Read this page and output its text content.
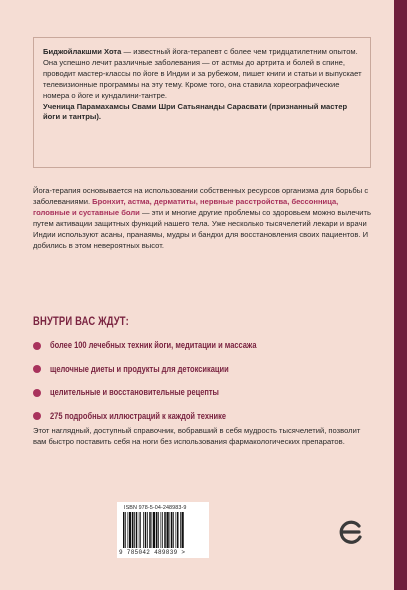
Биджойлакшми Хота — известный йога-терапевт с более чем тридцатилетним опытом. Она успешно лечит различные заболевания — от астмы до артрита и болей в спине, проводит мастер-классы по йоге в Индии и за рубежом, пишет книги и статьи и выпускает телевизионные программы на эту тему. Кроме того, она ставила хореографические номера о йоге и кундалини-тантре.
Ученица Парамахамсы Свами Шри Сатьянанды Сарасвати (признанный мастер йоги и тантры).
Йога-терапия основывается на использовании собственных ресурсов организма для борьбы с заболеваниями. Бронхит, астма, дерматиты, нервные расстройства, бессонница, головные и суставные боли — эти и многие другие проблемы со здоровьем можно вылечить путем активации защитных функций нашего тела. Уже несколько тысячелетий лекари и врачи Индии используют асаны, пранаямы, мудры и бандхи для восстановления своих пациентов. И добились в этом невероятных высот.
ВНУТРИ ВАС ЖДУТ:
более 100 лечебных техник йоги, медитации и массажа
щелочные диеты и продукты для детоксикации
целительные и восстановительные рецепты
275 подробных иллюстраций к каждой технике
Этот наглядный, доступный справочник, вобравший в себя мудрость тысячелетий, позволит вам быстро поставить себя на ноги без использования фармакологических препаратов.
ISBN 978-5-04-248983-9
9 785042 489839 >
